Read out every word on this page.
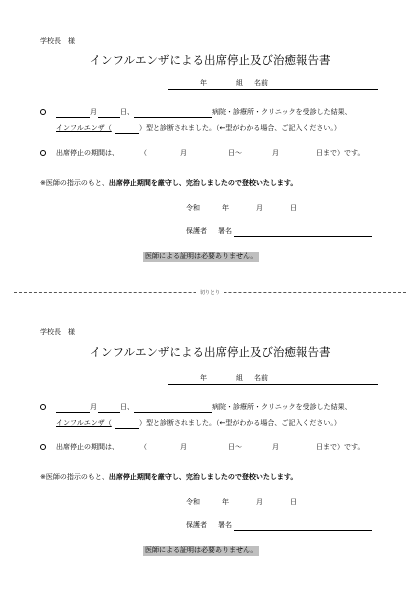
学校長　様
インフルエンザによる出席停止及び治癒報告書
年	組 名前
月	日、	病院・診療所・クリニックを受診した結果、
インフルエンザ（	）型と診断されました。（←型がわかる場合、ご記入ください。）
出席停止の期間は、	（	月	日～	月	日まで）です。
※医師の指示のもと、出席停止期間を厳守し、完治しましたので登校いたします。
令和	年	月	日
保護者 署名
医師による証明は必要ありません。
切りとり
学校長　様
インフルエンザによる出席停止及び治癒報告書
年	組 名前
月	日、	病院・診療所・クリニックを受診した結果、
インフルエンザ（	）型と診断されました。（←型がわかる場合、ご記入ください。）
出席停止の期間は、	（	月	日～	月	日まで）です。
※医師の指示のもと、出席停止期間を厳守し、完治しましたので登校いたします。
令和	年	月	日
保護者 署名
医師による証明は必要ありません。
